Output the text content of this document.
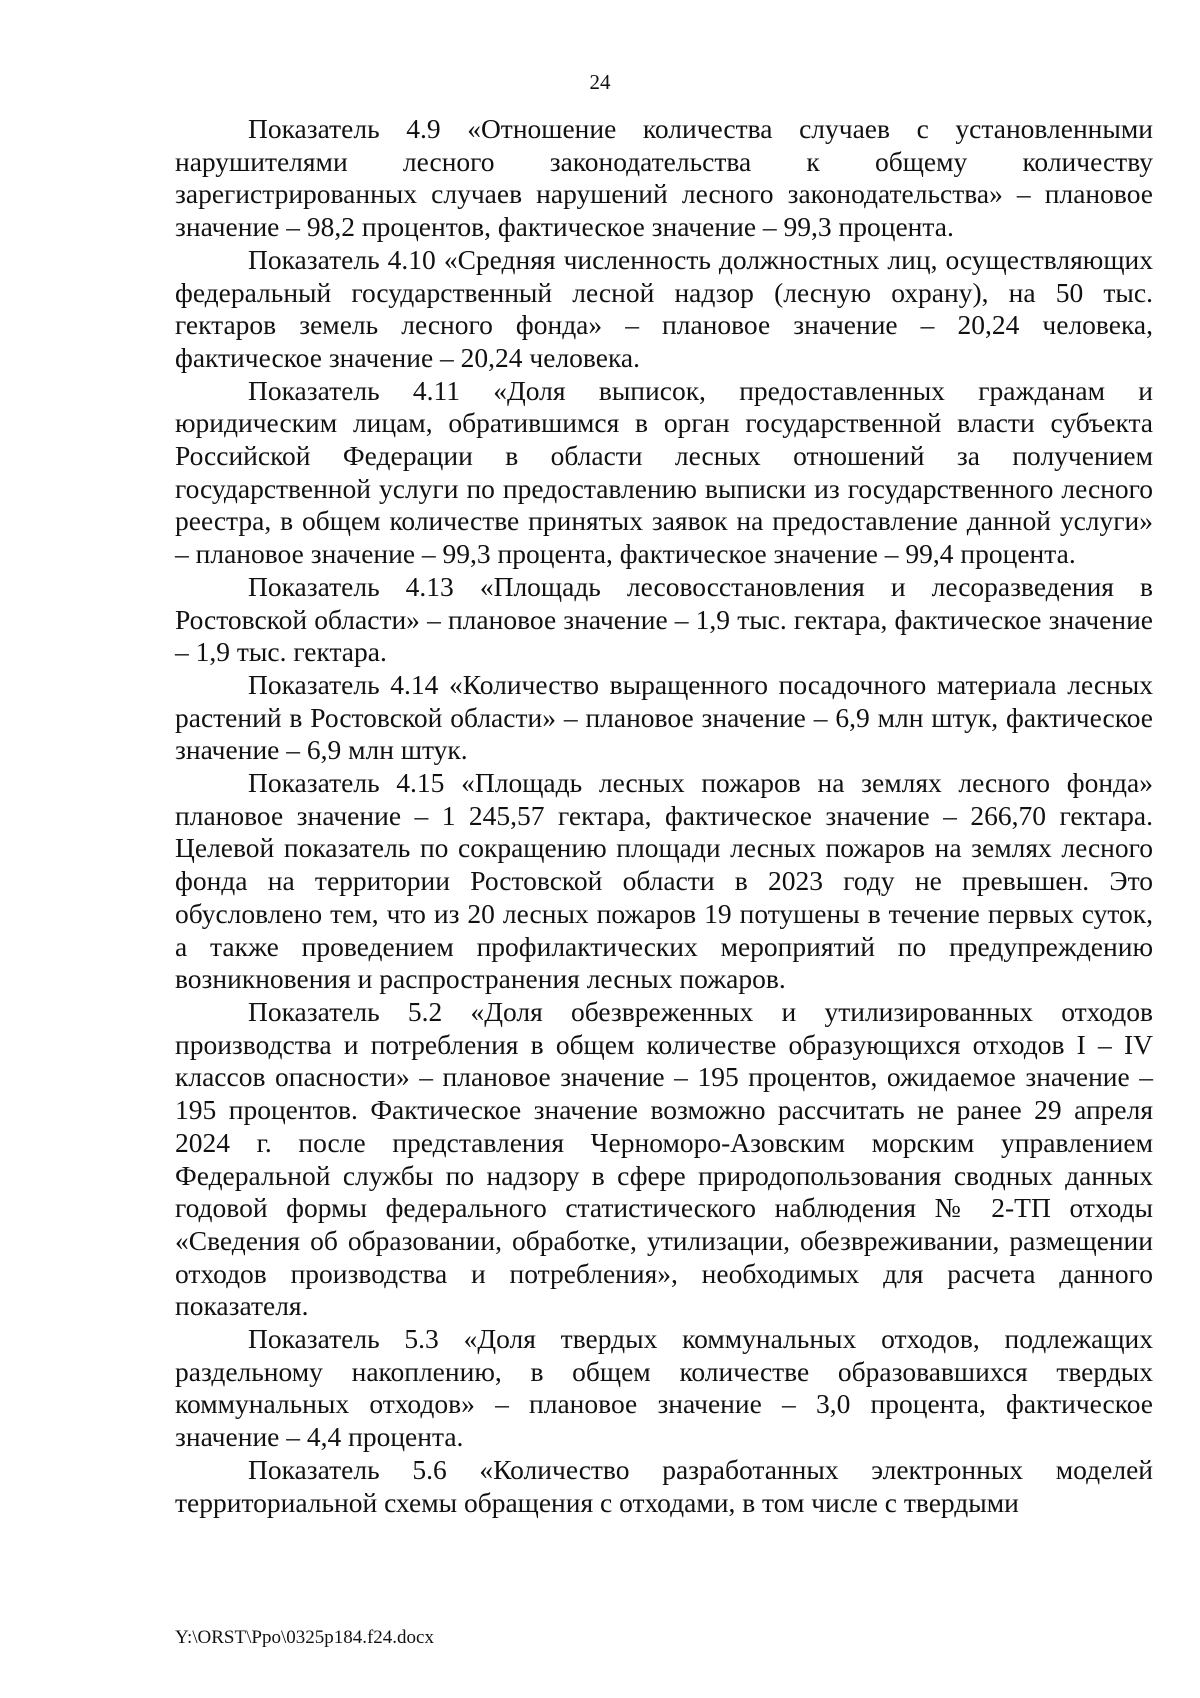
24

Показатель 4.9 «Отношение количества случаев с установленными нарушителями лесного законодательства к общему количеству зарегистрированных случаев нарушений лесного законодательства» – плановое значение – 98,2 процентов, фактическое значение – 99,3 процента.

Показатель 4.10 «Средняя численность должностных лиц, осуществляющих федеральный государственный лесной надзор (лесную охрану), на 50 тыс. гектаров земель лесного фонда» – плановое значение – 20,24 человека, фактическое значение – 20,24 человека.

Показатель 4.11 «Доля выписок, предоставленных гражданам и юридическим лицам, обратившимся в орган государственной власти субъекта Российской Федерации в области лесных отношений за получением государственной услуги по предоставлению выписки из государственного лесного реестра, в общем количестве принятых заявок на предоставление данной услуги» – плановое значение – 99,3 процента, фактическое значение – 99,4 процента.

Показатель 4.13 «Площадь лесовосстановления и лесоразведения в Ростовской области» – плановое значение – 1,9 тыс. гектара, фактическое значение – 1,9 тыс. гектара.

Показатель 4.14 «Количество выращенного посадочного материала лесных растений в Ростовской области» – плановое значение – 6,9 млн штук, фактическое значение – 6,9 млн штук.

Показатель 4.15 «Площадь лесных пожаров на землях лесного фонда» плановое значение – 1 245,57 гектара, фактическое значение – 266,70 гектара. Целевой показатель по сокращению площади лесных пожаров на землях лесного фонда на территории Ростовской области в 2023 году не превышен. Это обусловлено тем, что из 20 лесных пожаров 19 потушены в течение первых суток, а также проведением профилактических мероприятий по предупреждению возникновения и распространения лесных пожаров.

Показатель 5.2 «Доля обезвреженных и утилизированных отходов производства и потребления в общем количестве образующихся отходов I – IV классов опасности» – плановое значение – 195 процентов, ожидаемое значение – 195 процентов. Фактическое значение возможно рассчитать не ранее 29 апреля 2024 г. после представления Черноморо-Азовским морским управлением Федеральной службы по надзору в сфере природопользования сводных данных годовой формы федерального статистического наблюдения № 2-ТП отходы «Сведения об образовании, обработке, утилизации, обезвреживании, размещении отходов производства и потребления», необходимых для расчета данного показателя.

Показатель 5.3 «Доля твердых коммунальных отходов, подлежащих раздельному накоплению, в общем количестве образовавшихся твердых коммунальных отходов» – плановое значение – 3,0 процента, фактическое значение – 4,4 процента.

Показатель 5.6 «Количество разработанных электронных моделей территориальной схемы обращения с отходами, в том числе с твердыми

Y:\ORST\Ppo\0325p184.f24.docx
